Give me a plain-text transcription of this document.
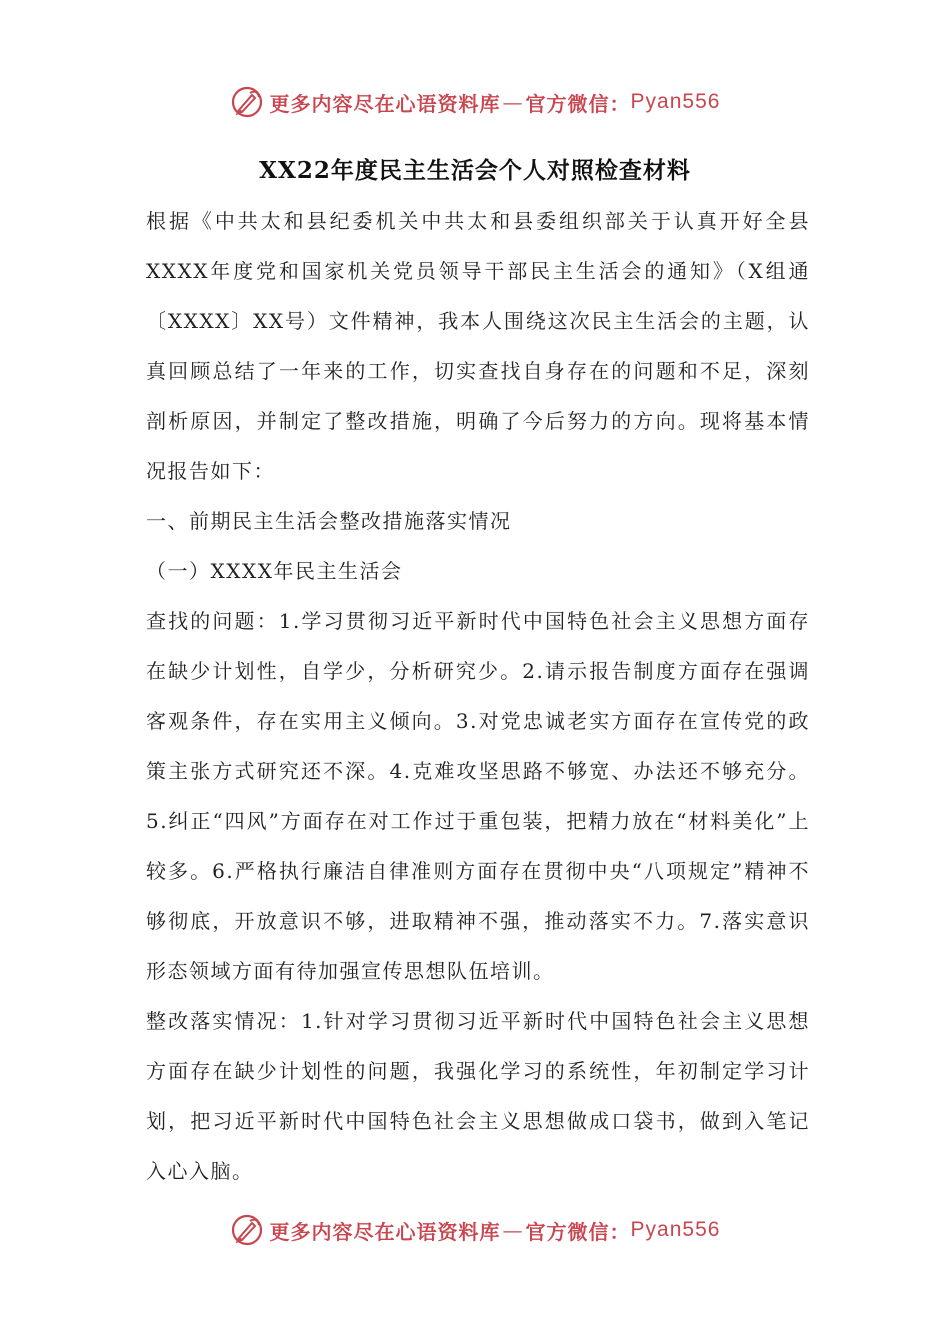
更多内容尽在心语资料库 — 官方微信： Pyan556
XX22年度民主生活会个人对照检查材料

根据《中共太和县纪委机关中共太和县委组织部关于认真开好全县XXXX年度党和国家机关党员领导干部民主生活会的通知》（X组通〔XXXX〕XX号）文件精神，我本人围绕这次民主生活会的主题，认真回顾总结了一年来的工作，切实查找自身存在的问题和不足，深刻剖析原因，并制定了整改措施，明确了今后努力的方向。现将基本情况报告如下：

一、前期民主生活会整改措施落实情况

（一）XXXX年民主生活会

查找的问题：1.学习贯彻习近平新时代中国特色社会主义思想方面存在缺少计划性，自学少，分析研究少。2.请示报告制度方面存在强调客观条件，存在实用主义倾向。3.对党忠诚老实方面存在宣传党的政策主张方式研究还不深。4.克难攻坚思路不够宽、办法还不够充分。5.纠正“四风”方面存在对工作过于重包装，把精力放在“材料美化”上较多。6.严格执行廉洁自律准则方面存在贯彻中央“八项规定”精神不够彻底，开放意识不够，进取精神不强，推动落实不力。7.落实意识形态领域方面有待加强宣传思想队伍培训。

整改落实情况：1.针对学习贯彻习近平新时代中国特色社会主义思想方面存在缺少计划性的问题，我强化学习的系统性，年初制定学习计划，把习近平新时代中国特色社会主义思想做成口袋书，做到入笔记入心入脑。

更多内容尽在心语资料库 — 官方微信： Pyan556
